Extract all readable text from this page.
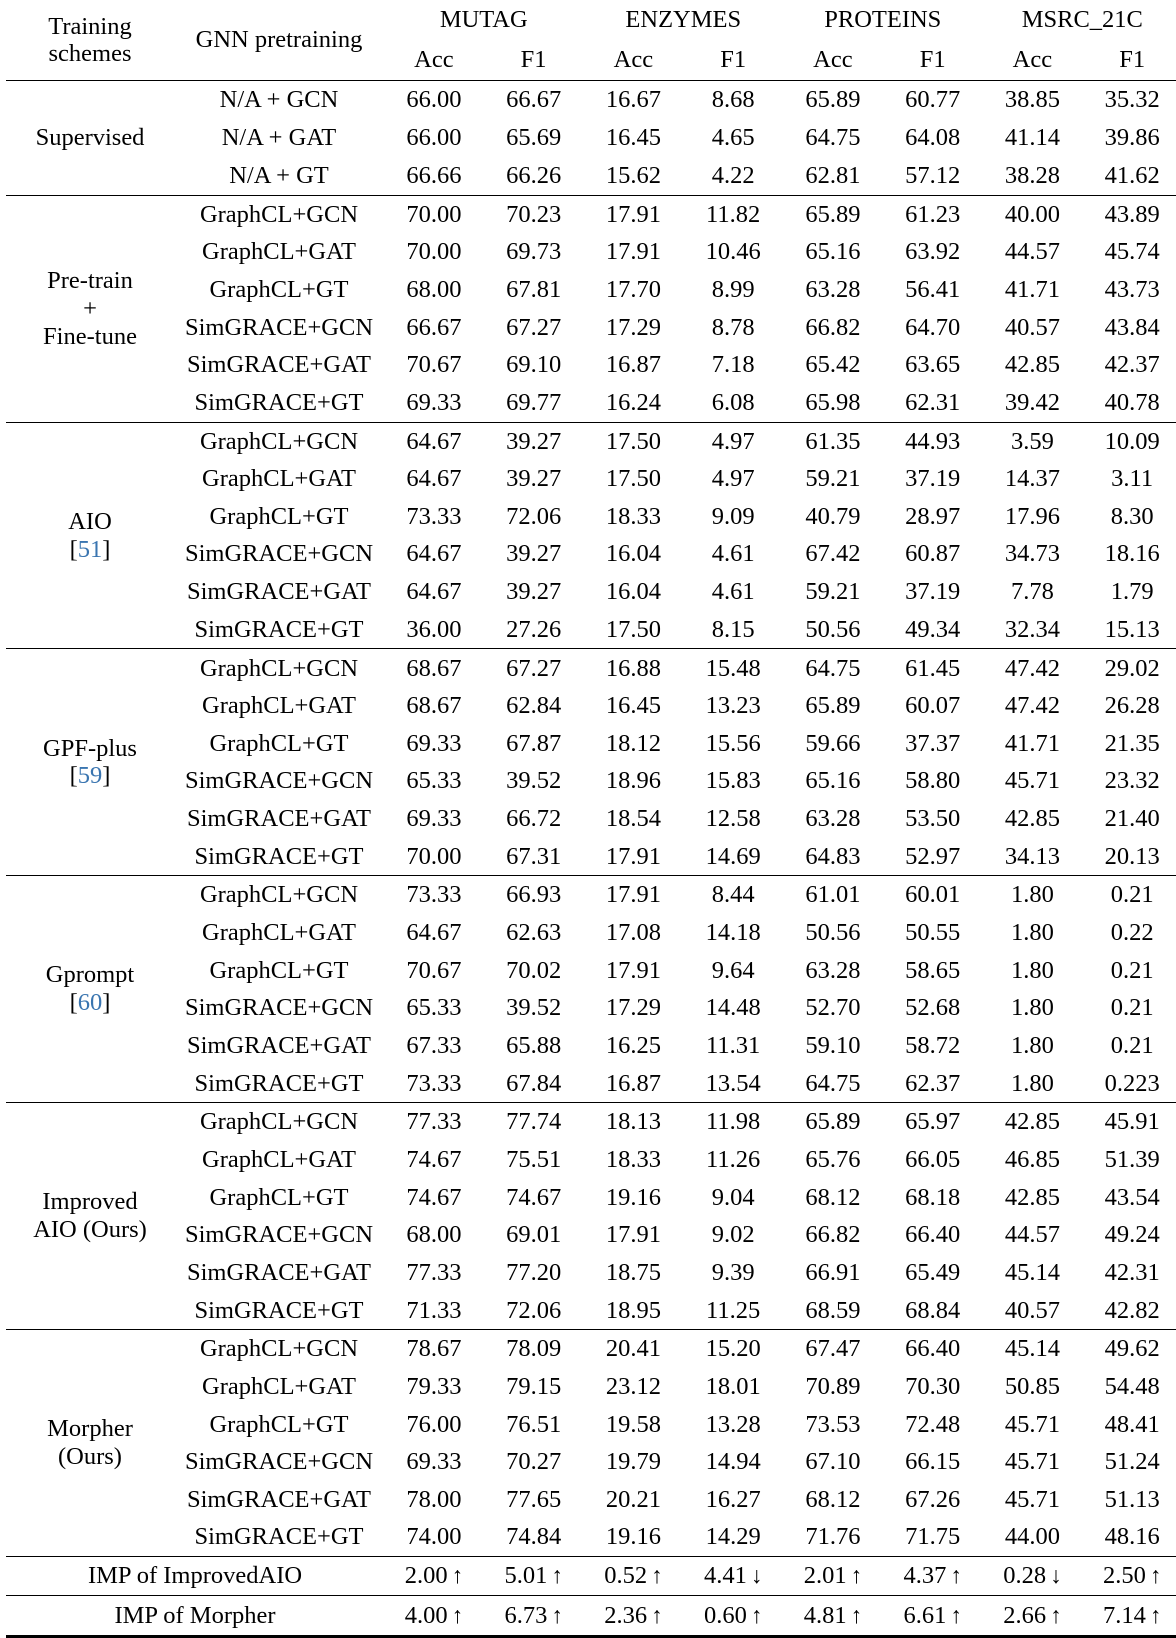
Training
schemes	GNN pretraining	MUTAG		ENZYMES		PROTEINS		MSRC_21C	
		Acc	F1	Acc	F1	Acc	F1	Acc	F1

Supervised	N/A + GCN	66.00	66.67	16.67	8.68	65.89	60.77	38.85	35.32
	N/A + GAT	66.00	65.69	16.45	4.65	64.75	64.08	41.14	39.86
	N/A + GT	66.66	66.26	15.62	4.22	62.81	57.12	38.28	41.62

Pre-train
+
Fine-tune	GraphCL+GCN	70.00	70.23	17.91	11.82	65.89	61.23	40.00	43.89
	GraphCL+GAT	70.00	69.73	17.91	10.46	65.16	63.92	44.57	45.74
	GraphCL+GT	68.00	67.81	17.70	8.99	63.28	56.41	41.71	43.73
	SimGRACE+GCN	66.67	67.27	17.29	8.78	66.82	64.70	40.57	43.84
	SimGRACE+GAT	70.67	69.10	16.87	7.18	65.42	63.65	42.85	42.37
	SimGRACE+GT	69.33	69.77	16.24	6.08	65.98	62.31	39.42	40.78

AIO
[51]	GraphCL+GCN	64.67	39.27	17.50	4.97	61.35	44.93	3.59	10.09
	GraphCL+GAT	64.67	39.27	17.50	4.97	59.21	37.19	14.37	3.11
	GraphCL+GT	73.33	72.06	18.33	9.09	40.79	28.97	17.96	8.30
	SimGRACE+GCN	64.67	39.27	16.04	4.61	67.42	60.87	34.73	18.16
	SimGRACE+GAT	64.67	39.27	16.04	4.61	59.21	37.19	7.78	1.79
	SimGRACE+GT	36.00	27.26	17.50	8.15	50.56	49.34	32.34	15.13

GPF-plus
[59]	GraphCL+GCN	68.67	67.27	16.88	15.48	64.75	61.45	47.42	29.02
	GraphCL+GAT	68.67	62.84	16.45	13.23	65.89	60.07	47.42	26.28
	GraphCL+GT	69.33	67.87	18.12	15.56	59.66	37.37	41.71	21.35
	SimGRACE+GCN	65.33	39.52	18.96	15.83	65.16	58.80	45.71	23.32
	SimGRACE+GAT	69.33	66.72	18.54	12.58	63.28	53.50	42.85	21.40
	SimGRACE+GT	70.00	67.31	17.91	14.69	64.83	52.97	34.13	20.13

Gprompt
[60]	GraphCL+GCN	73.33	66.93	17.91	8.44	61.01	60.01	1.80	0.21
	GraphCL+GAT	64.67	62.63	17.08	14.18	50.56	50.55	1.80	0.22
	GraphCL+GT	70.67	70.02	17.91	9.64	63.28	58.65	1.80	0.21
	SimGRACE+GCN	65.33	39.52	17.29	14.48	52.70	52.68	1.80	0.21
	SimGRACE+GAT	67.33	65.88	16.25	11.31	59.10	58.72	1.80	0.21
	SimGRACE+GT	73.33	67.84	16.87	13.54	64.75	62.37	1.80	0.223

Improved
AIO (Ours)	GraphCL+GCN	77.33	77.74	18.13	11.98	65.89	65.97	42.85	45.91
	GraphCL+GAT	74.67	75.51	18.33	11.26	65.76	66.05	46.85	51.39
	GraphCL+GT	74.67	74.67	19.16	9.04	68.12	68.18	42.85	43.54
	SimGRACE+GCN	68.00	69.01	17.91	9.02	66.82	66.40	44.57	49.24
	SimGRACE+GAT	77.33	77.20	18.75	9.39	66.91	65.49	45.14	42.31
	SimGRACE+GT	71.33	72.06	18.95	11.25	68.59	68.84	40.57	42.82

Morpher
(Ours)	GraphCL+GCN	78.67	78.09	20.41	15.20	67.47	66.40	45.14	49.62
	GraphCL+GAT	79.33	79.15	23.12	18.01	70.89	70.30	50.85	54.48
	GraphCL+GT	76.00	76.51	19.58	13.28	73.53	72.48	45.71	48.41
	SimGRACE+GCN	69.33	70.27	19.79	14.94	67.10	66.15	45.71	51.24
	SimGRACE+GAT	78.00	77.65	20.21	16.27	68.12	67.26	45.71	51.13
	SimGRACE+GT	74.00	74.84	19.16	14.29	71.76	71.75	44.00	48.16
IMP of ImprovedAIO		2.00 ↑	5.01 ↑	0.52 ↑	4.41 ↓	2.01 ↑	4.37 ↑	0.28 ↓	2.50 ↑
IMP of Morpher		4.00 ↑	6.73 ↑	2.36 ↑	0.60 ↑	4.81 ↑	6.61 ↑	2.66 ↑	7.14 ↑
